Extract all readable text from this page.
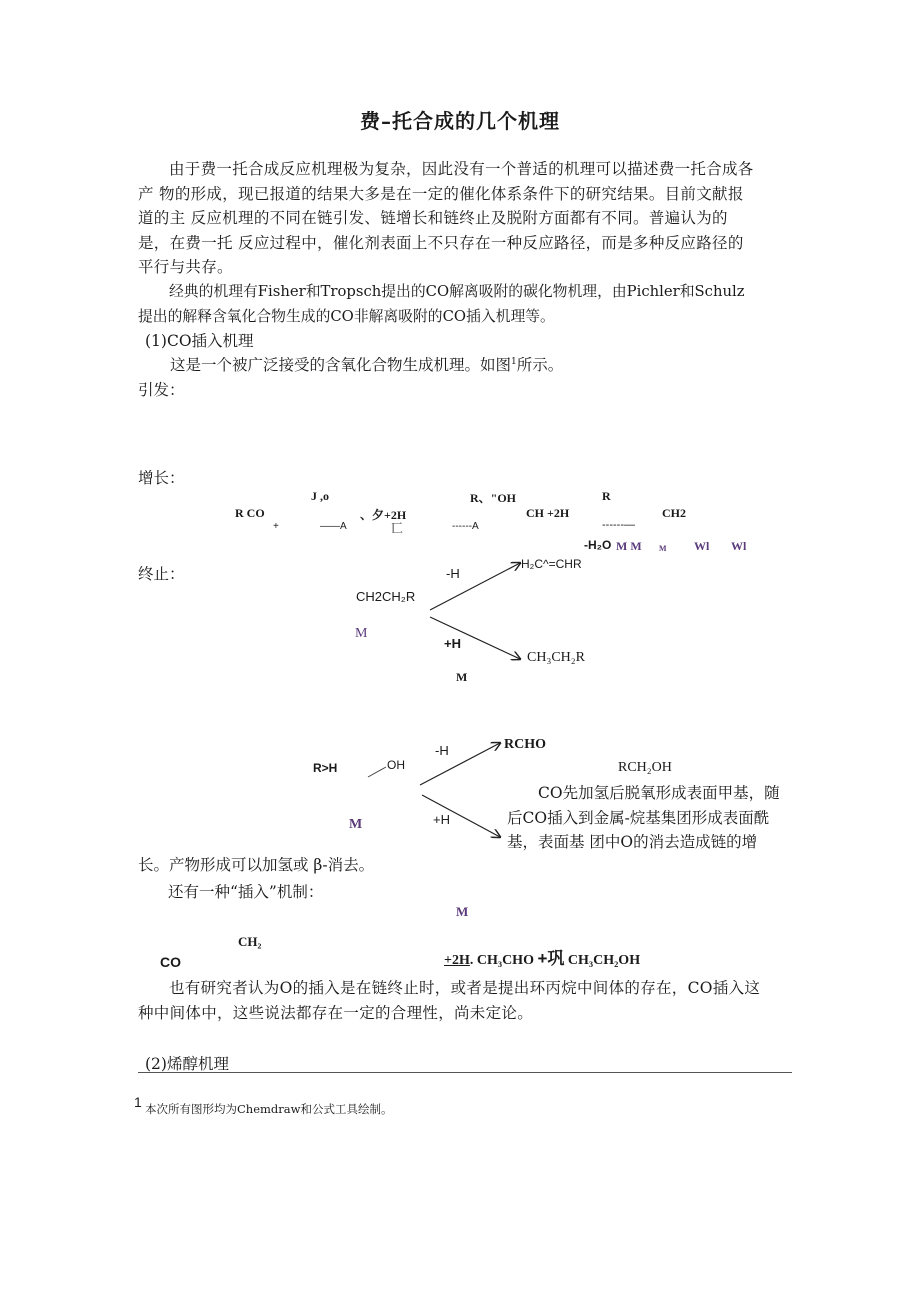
费–托合成的几个机理
由于费一托合成反应机理极为复杂，因此没有一个普适的机理可以描述费一托合成各
产 物的形成，现已报道的结果大多是在一定的催化体系条件下的研究结果。目前文献报
道的主 反应机理的不同在链引发、链增长和链终止及脱附方面都有不同。普遍认为的
是，在费一托 反应过程中，催化剂表面上不只存在一种反应路径，而是多种反应路径的
平行与共存。
经典的机理有Fisher和Tropsch提出的CO解离吸附的碳化物机理，由Pichler和Schulz
提出的解释含氧化合物生成的CO非解离吸附的CO插入机理等。
(1)CO插入机理
这是一个被广泛接受的含氧化合物生成机理。如图$^1$所示。
引发：
增长：
J ,o	R、"OH	R
R CO	、夕+2H	CH +2H	CH2
+	——A	匸	------A	------—
-H₂O M M M Wl Wl
终止：
CH2CH₂R
M
-H
+H
H₂C^=CHR
CH₃CH₂R
M
R>H	OH
M
-H
+H
RCHO
RCH₂OH
CO先加氢后脱氧形成表面甲基，随
后CO插入到金属-烷基集团形成表面酰
基，表面基 团中O的消去造成链的增
长。产物形成可以加氢或 β-消去。
还有一种“插入”机制：
M
CH₂
CO	+2H. CH₃CHO +巩 CH₃CH₂OH
也有研究者认为O的插入是在链终止时，或者是提出环丙烷中间体的存在，CO插入这
种中间体中，这些说法都存在一定的合理性，尚未定论。
(2)烯醇机理
1 本次所有图形均为Chemdraw和公式工具绘制。
